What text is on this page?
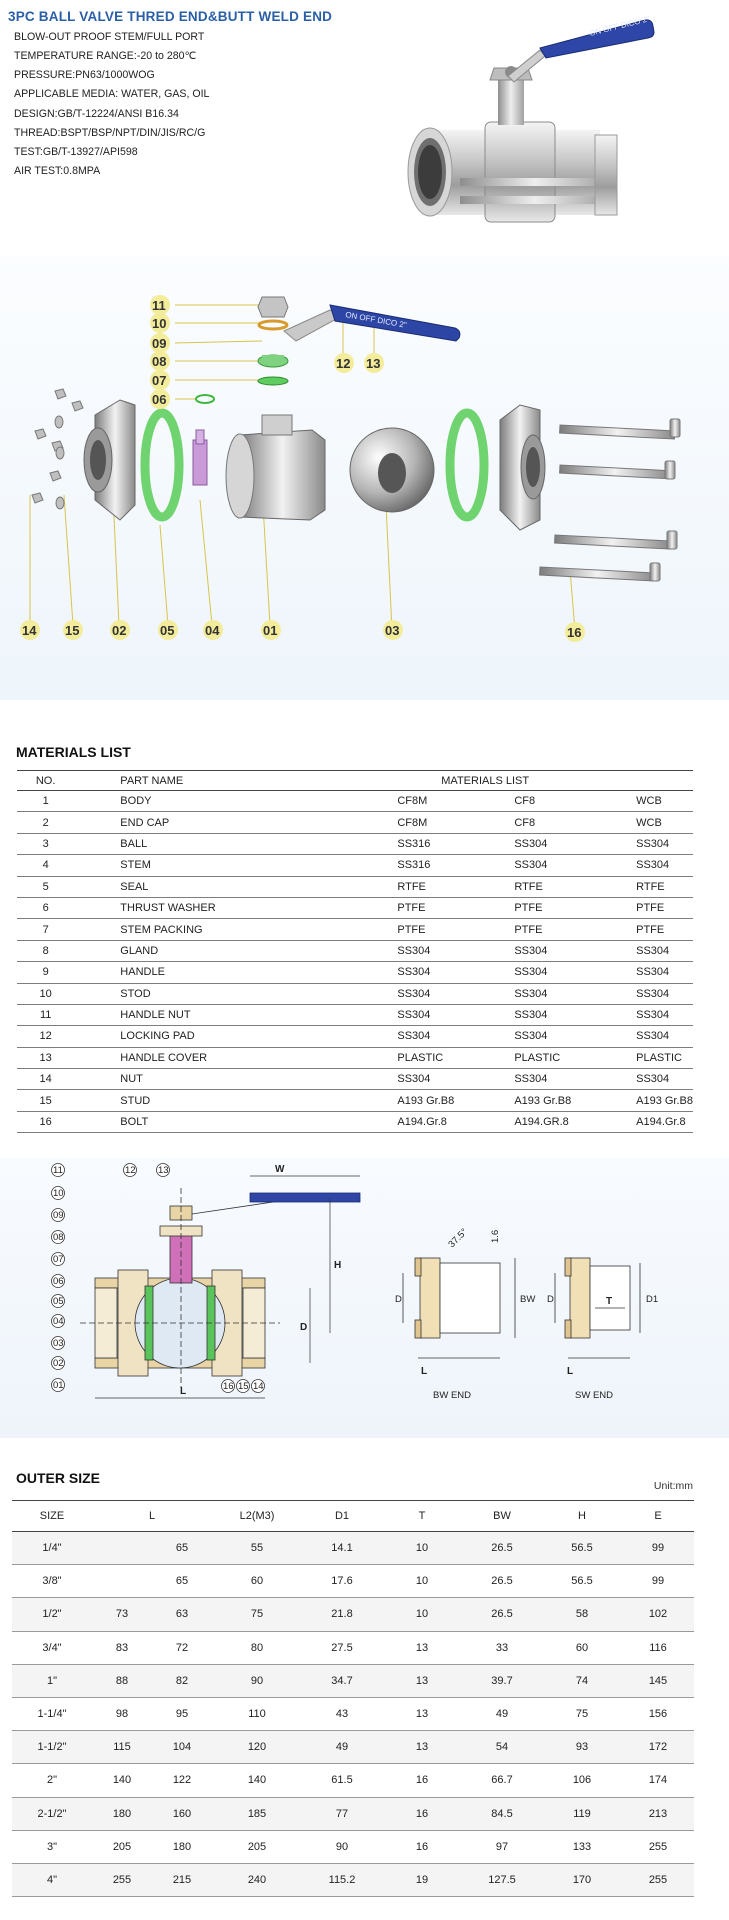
3PC BALL VALVE THRED END&BUTT WELD END
BLOW-OUT PROOF STEM/FULL PORT
TEMPERATURE RANGE:-20 to 280℃
PRESSURE:PN63/1000WOG
APPLICABLE MEDIA: WATER, GAS, OIL
DESIGN:GB/T-12224/ANSI B16.34
THREAD:BSPT/BSP/NPT/DIN/JIS/RC/G
TEST:GB/T-13927/API598
AIR TEST:0.8MPA
ON OFF DICO 2"
ON OFF DICO 2"
11
10
09
08
07
06
12 13
14 15	02	05 04	01	03	16
MATERIALS LIST
NO.	PART NAME	MATERIALS LIST		
1	BODY	CF8M	CF8	WCB
2	END CAP	CF8M	CF8	WCB
3	BALL	SS316	SS304	SS304
4	STEM	SS316	SS304	SS304
5	SEAL	RTFE	RTFE	RTFE
6	THRUST WASHER	PTFE	PTFE	PTFE
7	STEM PACKING	PTFE	PTFE	PTFE
8	GLAND	SS304	SS304	SS304
9	HANDLE	SS304	SS304	SS304
10	STOD	SS304	SS304	SS304
11	HANDLE NUT	SS304	SS304	SS304
12	LOCKING PAD	SS304	SS304	SS304
13	HANDLE COVER	PLASTIC	PLASTIC	PLASTIC
14	NUT	SS304	SS304	SS304
15	STUD	A193 Gr.B8	A193 Gr.B8	A193 Gr.B8
16	BOLT	A194.Gr.8	A194.GR.8	A194.Gr.8
W
H
D
L
11
10
09
08
07
06
05
04
03
02
01	16 15 14
12 13
D	BW
37.5° 1.6
L
BW END
D	D1
T
L
SW END
OUTER SIZE	Unit:mm
SIZE	L		L2(M3)	D1	T	BW	H	E
1/4"		65	55	14.1	10	26.5	56.5	99
3/8"		65	60	17.6	10	26.5	56.5	99
1/2"	73	63	75	21.8	10	26.5	58	102
3/4"	83	72	80	27.5	13	33	60	116
1"	88	82	90	34.7	13	39.7	74	145
1-1/4"	98	95	110	43	13	49	75	156
1-1/2"	115	104	120	49	13	54	93	172
2"	140	122	140	61.5	16	66.7	106	174
2-1/2"	180	160	185	77	16	84.5	119	213
3"	205	180	205	90	16	97	133	255
4"	255	215	240	115.2	19	127.5	170	255
